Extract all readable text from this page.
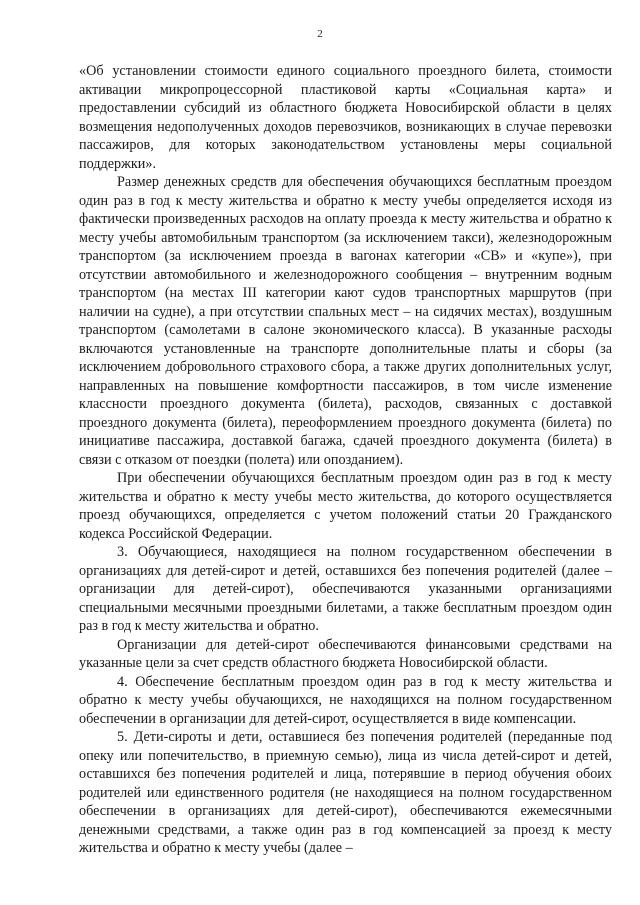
2

«Об установлении стоимости единого социального проездного билета, стоимости активации микропроцессорной пластиковой карты «Социальная карта» и предоставлении субсидий из областного бюджета Новосибирской области в целях возмещения недополученных доходов перевозчиков, возникающих в случае перевозки пассажиров, для которых законодательством установлены меры социальной поддержки».

Размер денежных средств для обеспечения обучающихся бесплатным проездом один раз в год к месту жительства и обратно к месту учебы определяется исходя из фактически произведенных расходов на оплату проезда к месту жительства и обратно к месту учебы автомобильным транспортом (за исключением такси), железнодорожным транспортом (за исключением проезда в вагонах категории «СВ» и «купе»), при отсутствии автомобильного и железнодорожного сообщения – внутренним водным транспортом (на местах III категории кают судов транспортных маршрутов (при наличии на судне), а при отсутствии спальных мест – на сидячих местах), воздушным транспортом (самолетами в салоне экономического класса). В указанные расходы включаются установленные на транспорте дополнительные платы и сборы (за исключением добровольного страхового сбора, а также других дополнительных услуг, направленных на повышение комфортности пассажиров, в том числе изменение классности проездного документа (билета), расходов, связанных с доставкой проездного документа (билета), переоформлением проездного документа (билета) по инициативе пассажира, доставкой багажа, сдачей проездного документа (билета) в связи с отказом от поездки (полета) или опозданием).

При обеспечении обучающихся бесплатным проездом один раз в год к месту жительства и обратно к месту учебы место жительства, до которого осуществляется проезд обучающихся, определяется с учетом положений статьи 20 Гражданского кодекса Российской Федерации.

3. Обучающиеся, находящиеся на полном государственном обеспечении в организациях для детей-сирот и детей, оставшихся без попечения родителей (далее – организации для детей-сирот), обеспечиваются указанными организациями специальными месячными проездными билетами, а также бесплатным проездом один раз в год к месту жительства и обратно.

Организации для детей-сирот обеспечиваются финансовыми средствами на указанные цели за счет средств областного бюджета Новосибирской области.

4. Обеспечение бесплатным проездом один раз в год к месту жительства и обратно к месту учебы обучающихся, не находящихся на полном государственном обеспечении в организации для детей-сирот, осуществляется в виде компенсации.

5. Дети-сироты и дети, оставшиеся без попечения родителей (переданные под опеку или попечительство, в приемную семью), лица из числа детей-сирот и детей, оставшихся без попечения родителей и лица, потерявшие в период обучения обоих родителей или единственного родителя (не находящиеся на полном государственном обеспечении в организациях для детей-сирот), обеспечиваются ежемесячными денежными средствами, а также один раз в год компенсацией за проезд к месту жительства и обратно к месту учебы (далее –
